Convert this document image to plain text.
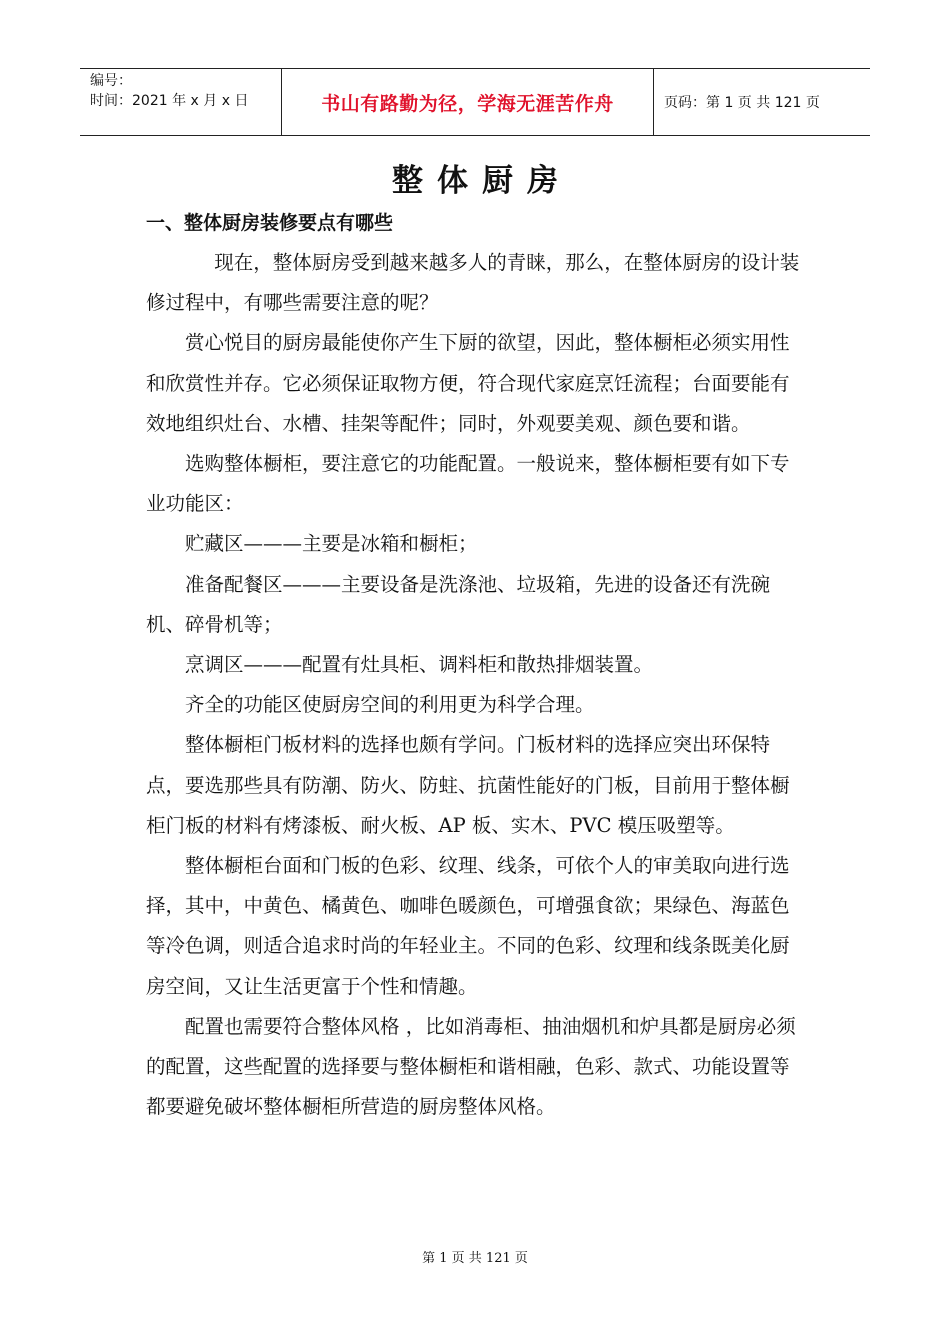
编号：
时间：2021 年 x 月 x 日	书山有路勤为径，学海无涯苦作舟	页码：第 1 页 共 121 页
整体厨房
一、整体厨房装修要点有哪些

现在，整体厨房受到越来越多人的青睐，那么，在整体厨房的设计装修过程中，有哪些需要注意的呢？

赏心悦目的厨房最能使你产生下厨的欲望，因此，整体橱柜必须实用性和欣赏性并存。它必须保证取物方便，符合现代家庭烹饪流程；台面要能有效地组织灶台、水槽、挂架等配件；同时，外观要美观、颜色要和谐。

选购整体橱柜，要注意它的功能配置。一般说来，整体橱柜要有如下专业功能区：

贮藏区———主要是冰箱和橱柜；

准备配餐区———主要设备是洗涤池、垃圾箱，先进的设备还有洗碗机、碎骨机等；

烹调区———配置有灶具柜、调料柜和散热排烟装置。

齐全的功能区使厨房空间的利用更为科学合理。

整体橱柜门板材料的选择也颇有学问。门板材料的选择应突出环保特点，要选那些具有防潮、防火、防蛀、抗菌性能好的门板，目前用于整体橱柜门板的材料有烤漆板、耐火板、AP 板、实木、PVC 模压吸塑等。

整体橱柜台面和门板的色彩、纹理、线条，可依个人的审美取向进行选择，其中，中黄色、橘黄色、咖啡色暖颜色，可增强食欲；果绿色、海蓝色等冷色调，则适合追求时尚的年轻业主。不同的色彩、纹理和线条既美化厨房空间，又让生活更富于个性和情趣。

配置也需要符合整体风格 ，比如消毒柜、抽油烟机和炉具都是厨房必须的配置，这些配置的选择要与整体橱柜和谐相融，色彩、款式、功能设置等都要避免破坏整体橱柜所营造的厨房整体风格。

第 1 页 共 121 页
